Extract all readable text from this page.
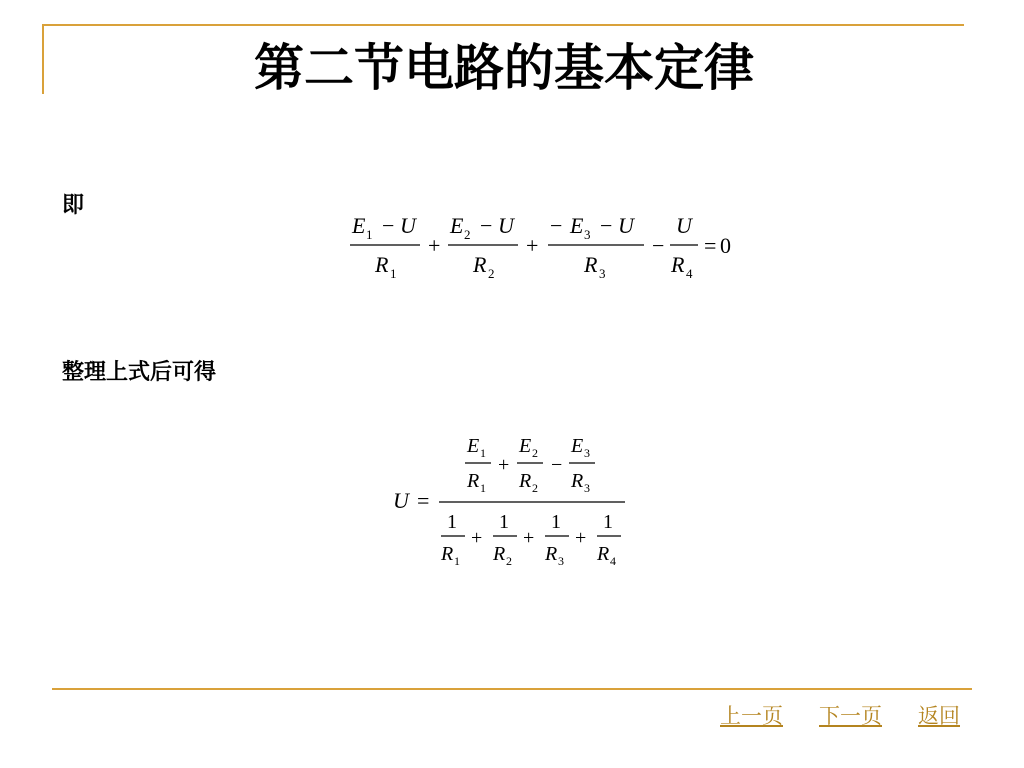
第二节电路的基本定律
即
E 1 − U
R 1
+
E 2 − U
R 2
+
− E 3 − U
R 3
−
U
R 4
= 0
整理上式后可得
U =
E 1
R 1
+
E 2
R 2
−
E 3
R 3
1
R 1
+
1
R 2
+
1
R 3
+
1
R 4
上一页 下一页 返回
